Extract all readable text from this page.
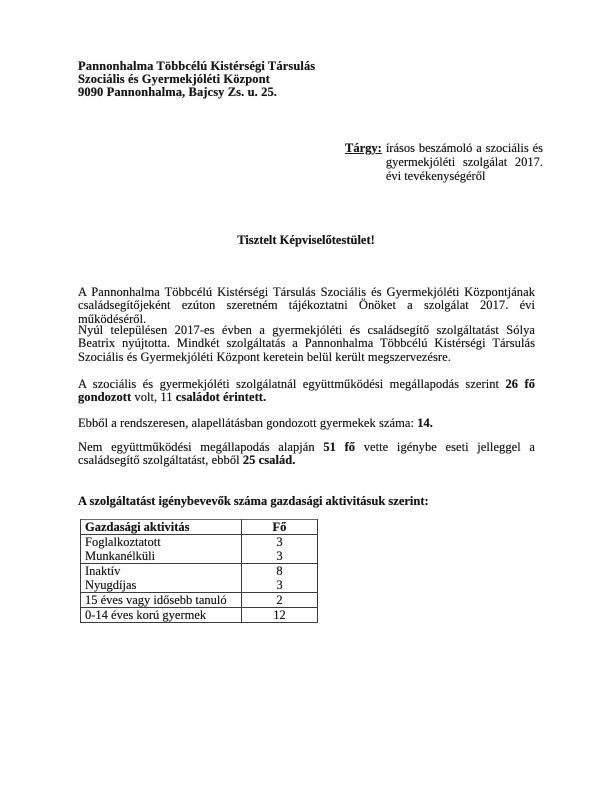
Pannonhalma Többcélú Kistérségi Társulás
Szociális és Gyermekjóléti Központ
9090 Pannonhalma, Bajcsy Zs. u. 25.
Tárgy: írásos beszámoló a szociális és gyermekjóléti szolgálat 2017. évi tevékenységéről
Tisztelt Képviselőtestület!
A Pannonhalma Többcélú Kistérségi Társulás Szociális és Gyermekjóléti Központjának családsegítőjeként ezúton szeretném tájékoztatni Önöket a szolgálat 2017. évi működéséről.
Nyúl településen 2017-es évben a gyermekjóléti és családsegítő szolgáltatást Sólya Beatrix nyújtotta. Mindkét szolgáltatás a Pannonhalma Többcélú Kistérségi Társulás Szociális és Gyermekjóléti Központ keretein belül került megszervezésre.
A szociális és gyermekjóléti szolgálatnál együttműködési megállapodás szerint 26 fő gondozott volt, 11 családot érintett.
Ebből a rendszeresen, alapellátásban gondozott gyermekek száma: 14.
Nem együttműködési megállapodás alapján 51 fő vette igénybe eseti jelleggel a családsegítő szolgáltatást, ebből 25 család.
A szolgáltatást igénybevevők száma gazdasági aktivitásuk szerint:
Gazdasági aktivitás	Fő
Foglalkoztatott	3
Munkanélküli	3
Inaktív	8
Nyugdíjas	3
15 éves vagy idősebb tanuló	2
0-14 éves korú gyermek	12
